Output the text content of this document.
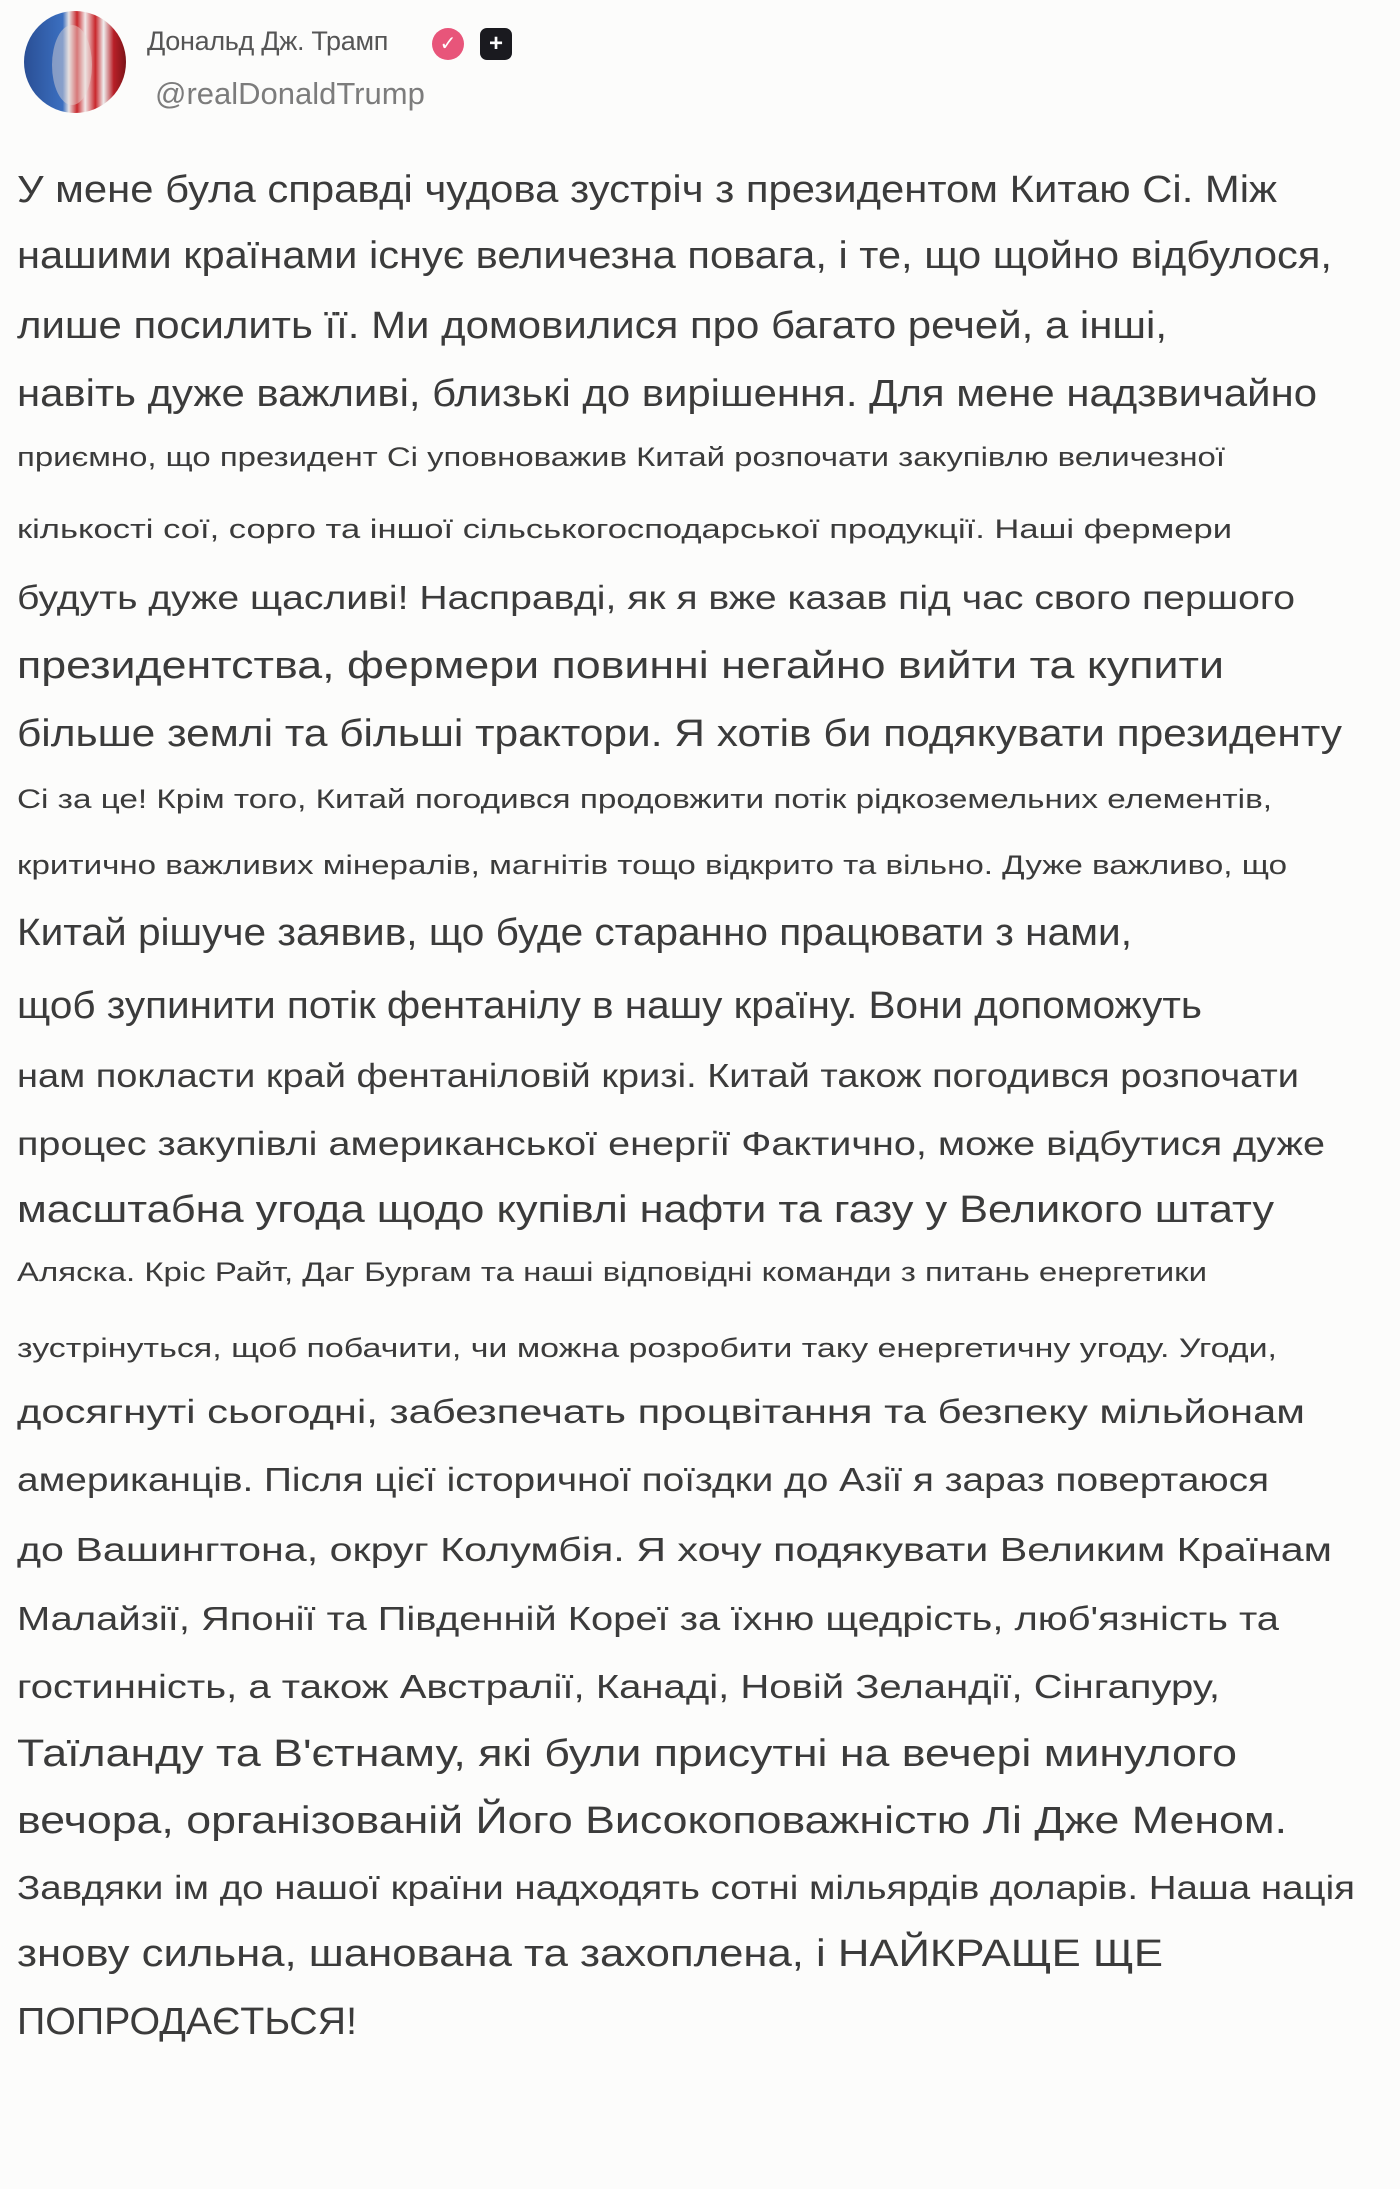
Дональд Дж. Трамп	✓	+
@realDonaldTrump
У мене була справді чудова зустріч з президентом Китаю Сі. Між
нашими країнами існує величезна повага, і те, що щойно відбулося,
лише посилить її. Ми домовилися про багато речей, а інші,
навіть дуже важливі, близькі до вирішення. Для мене надзвичайно
приємно, що президент Сі уповноважив Китай розпочати закупівлю величезної
кількості сої, сорго та іншої сільськогосподарської продукції. Наші фермери
будуть дуже щасливі! Насправді, як я вже казав під час свого першого
президентства, фермери повинні негайно вийти та купити
більше землі та більші трактори. Я хотів би подякувати президенту
Сі за це! Крім того, Китай погодився продовжити потік рідкоземельних елементів,
критично важливих мінералів, магнітів тощо відкрито та вільно. Дуже важливо, що
Китай рішуче заявив, що буде старанно працювати з нами,
щоб зупинити потік фентанілу в нашу країну. Вони допоможуть
нам покласти край фентаніловій кризі. Китай також погодився розпочати
процес закупівлі американської енергії Фактично, може відбутися дуже
масштабна угода щодо купівлі нафти та газу у Великого штату
Аляска. Кріс Райт, Даг Бургам та наші відповідні команди з питань енергетики
зустрінуться, щоб побачити, чи можна розробити таку енергетичну угоду. Угоди,
досягнуті сьогодні, забезпечать процвітання та безпеку мільйонам
американців. Після цієї історичної поїздки до Азії я зараз повертаюся
до Вашингтона, округ Колумбія. Я хочу подякувати Великим Країнам
Малайзії, Японії та Південній Кореї за їхню щедрість, люб'язність та
гостинність, а також Австралії, Канаді, Новій Зеландії, Сінгапуру,
Таїланду та В'єтнаму, які були присутні на вечері минулого
вечора, організованій Його Високоповажністю Лі Дже Меном.
Завдяки ім до нашої країни надходять сотні мільярдів доларів. Наша нація
знову сильна, шанована та захоплена, і НАЙКРАЩЕ ЩЕ
ПОПРОДАЄТЬСЯ!
